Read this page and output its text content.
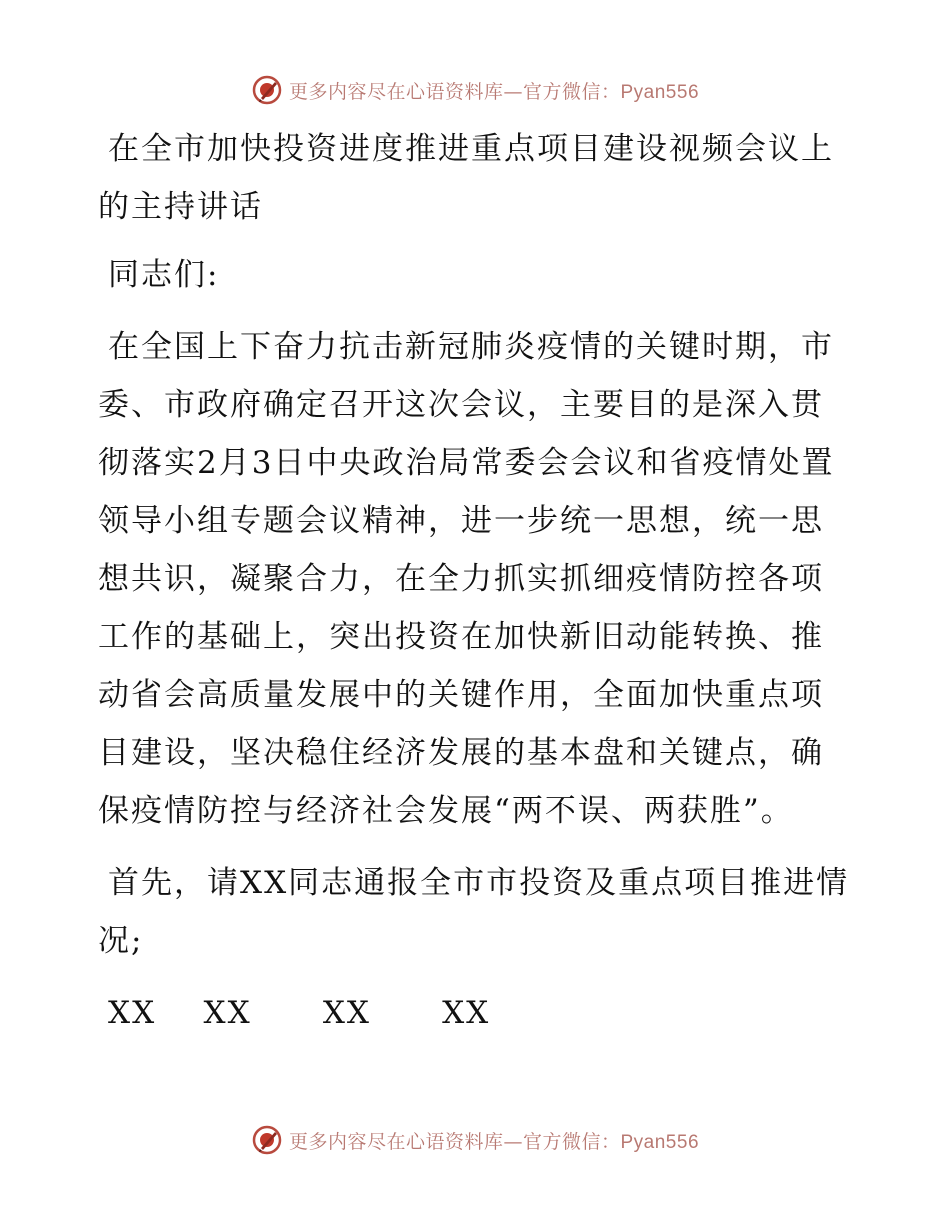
更多内容尽在心语资料库—官方微信：Pyan556

在全市加快投资进度推进重点项目建设视频会议上的主持讲话

同志们:

在全国上下奋力抗击新冠肺炎疫情的关键时期，市委、市政府确定召开这次会议，主要目的是深入贯彻落实2月3日中央政治局常委会会议和省疫情处置领导小组专题会议精神，进一步统一思想，统一思想共识，凝聚合力，在全力抓实抓细疫情防控各项工作的基础上，突出投资在加快新旧动能转换、推动省会高质量发展中的关键作用，全面加快重点项目建设，坚决稳住经济发展的基本盘和关键点，确保疫情防控与经济社会发展“两不误、两获胜”。

首先，请XX同志通报全市市投资及重点项目推进情况;

XX    XX      XX      XX

更多内容尽在心语资料库—官方微信：Pyan556
